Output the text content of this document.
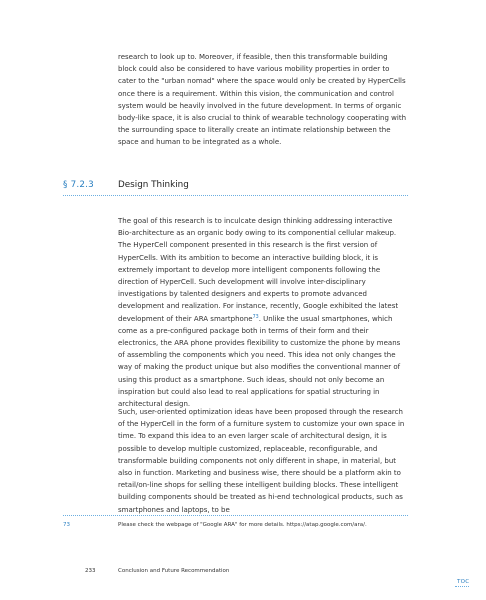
research to look up to. Moreover, if feasible, then this transformable building block could also be considered to have various mobility properties in order to cater to the "urban nomad" where the space would only be created by HyperCells once there is a requirement. Within this vision, the communication and control system would be heavily involved in the future development. In terms of organic body-like space, it is also crucial to think of wearable technology cooperating with the surrounding space to literally create an intimate relationship between the space and human to be integrated as a whole.

§ 7.2.3	Design Thinking

The goal of this research is to inculcate design thinking addressing interactive Bio-architecture as an organic body owing to its componential cellular makeup. The HyperCell component presented in this research is the first version of HyperCells. With its ambition to become an interactive building block, it is extremely important to develop more intelligent components following the direction of HyperCell. Such development will involve inter-disciplinary investigations by talented designers and experts to promote advanced development and realization. For instance, recently, Google exhibited the latest development of their ARA smartphone$^{73}$. Unlike the usual smartphones, which come as a pre-configured package both in terms of their form and their electronics, the ARA phone provides flexibility to customize the phone by means of assembling the components which you need. This idea not only changes the way of making the product unique but also modifies the conventional manner of using this product as a smartphone. Such ideas, should not only become an inspiration but could also lead to real applications for spatial structuring in architectural design.

Such, user-oriented optimization ideas have been proposed through the research of the HyperCell in the form of a furniture system to customize your own space in time. To expand this idea to an even larger scale of architectural design, it is possible to develop multiple customized, replaceable, reconfigurable, and transformable building components not only different in shape, in material, but also in function. Marketing and business wise, there should be a platform akin to retail/on-line shops for selling these intelligent building blocks. These intelligent building components should be treated as hi-end technological products, such as smartphones and laptops, to be

73	Please check the webpage of "Google ARA" for more details. https://atap.google.com/ara/.
233	Conclusion and Future Recommendation
TOC
